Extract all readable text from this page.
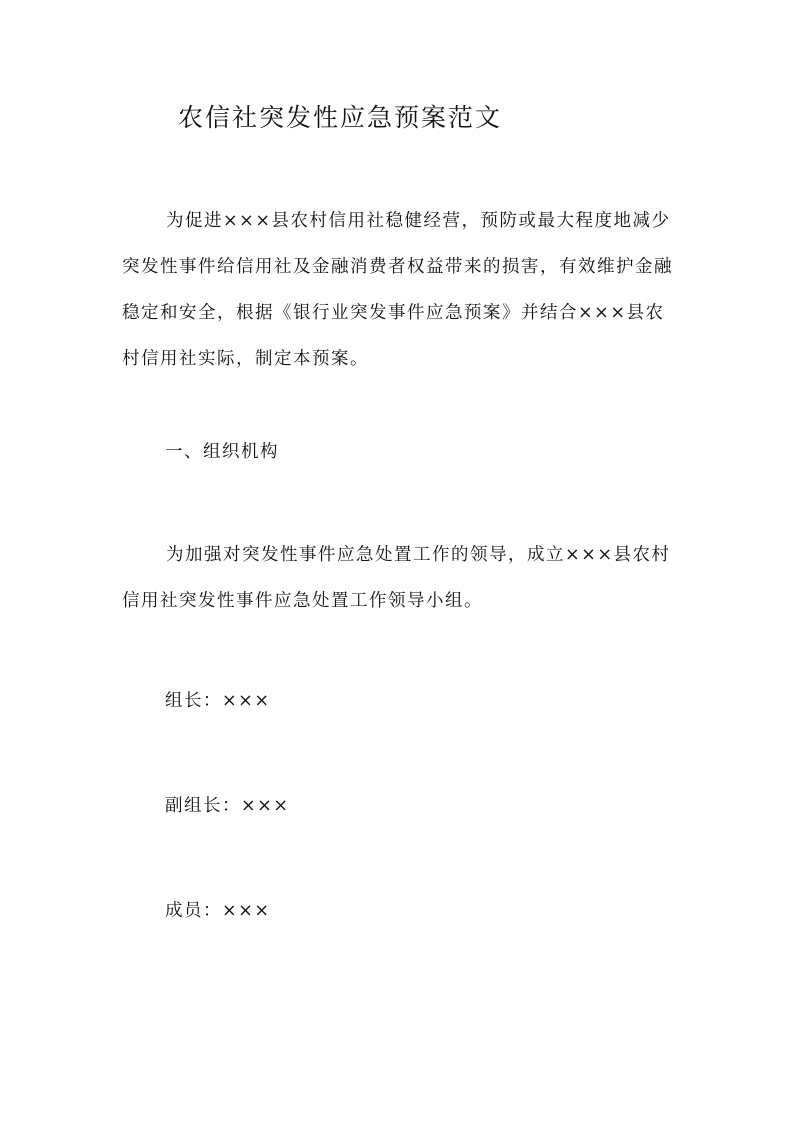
农信社突发性应急预案范文
为促进×××县农村信用社稳健经营，预防或最大程度地减少突发性事件给信用社及金融消费者权益带来的损害，有效维护金融稳定和安全，根据《银行业突发事件应急预案》并结合×××县农村信用社实际，制定本预案。
一、组织机构
为加强对突发性事件应急处置工作的领导，成立×××县农村信用社突发性事件应急处置工作领导小组。
组长：×××
副组长：×××
成员：×××
